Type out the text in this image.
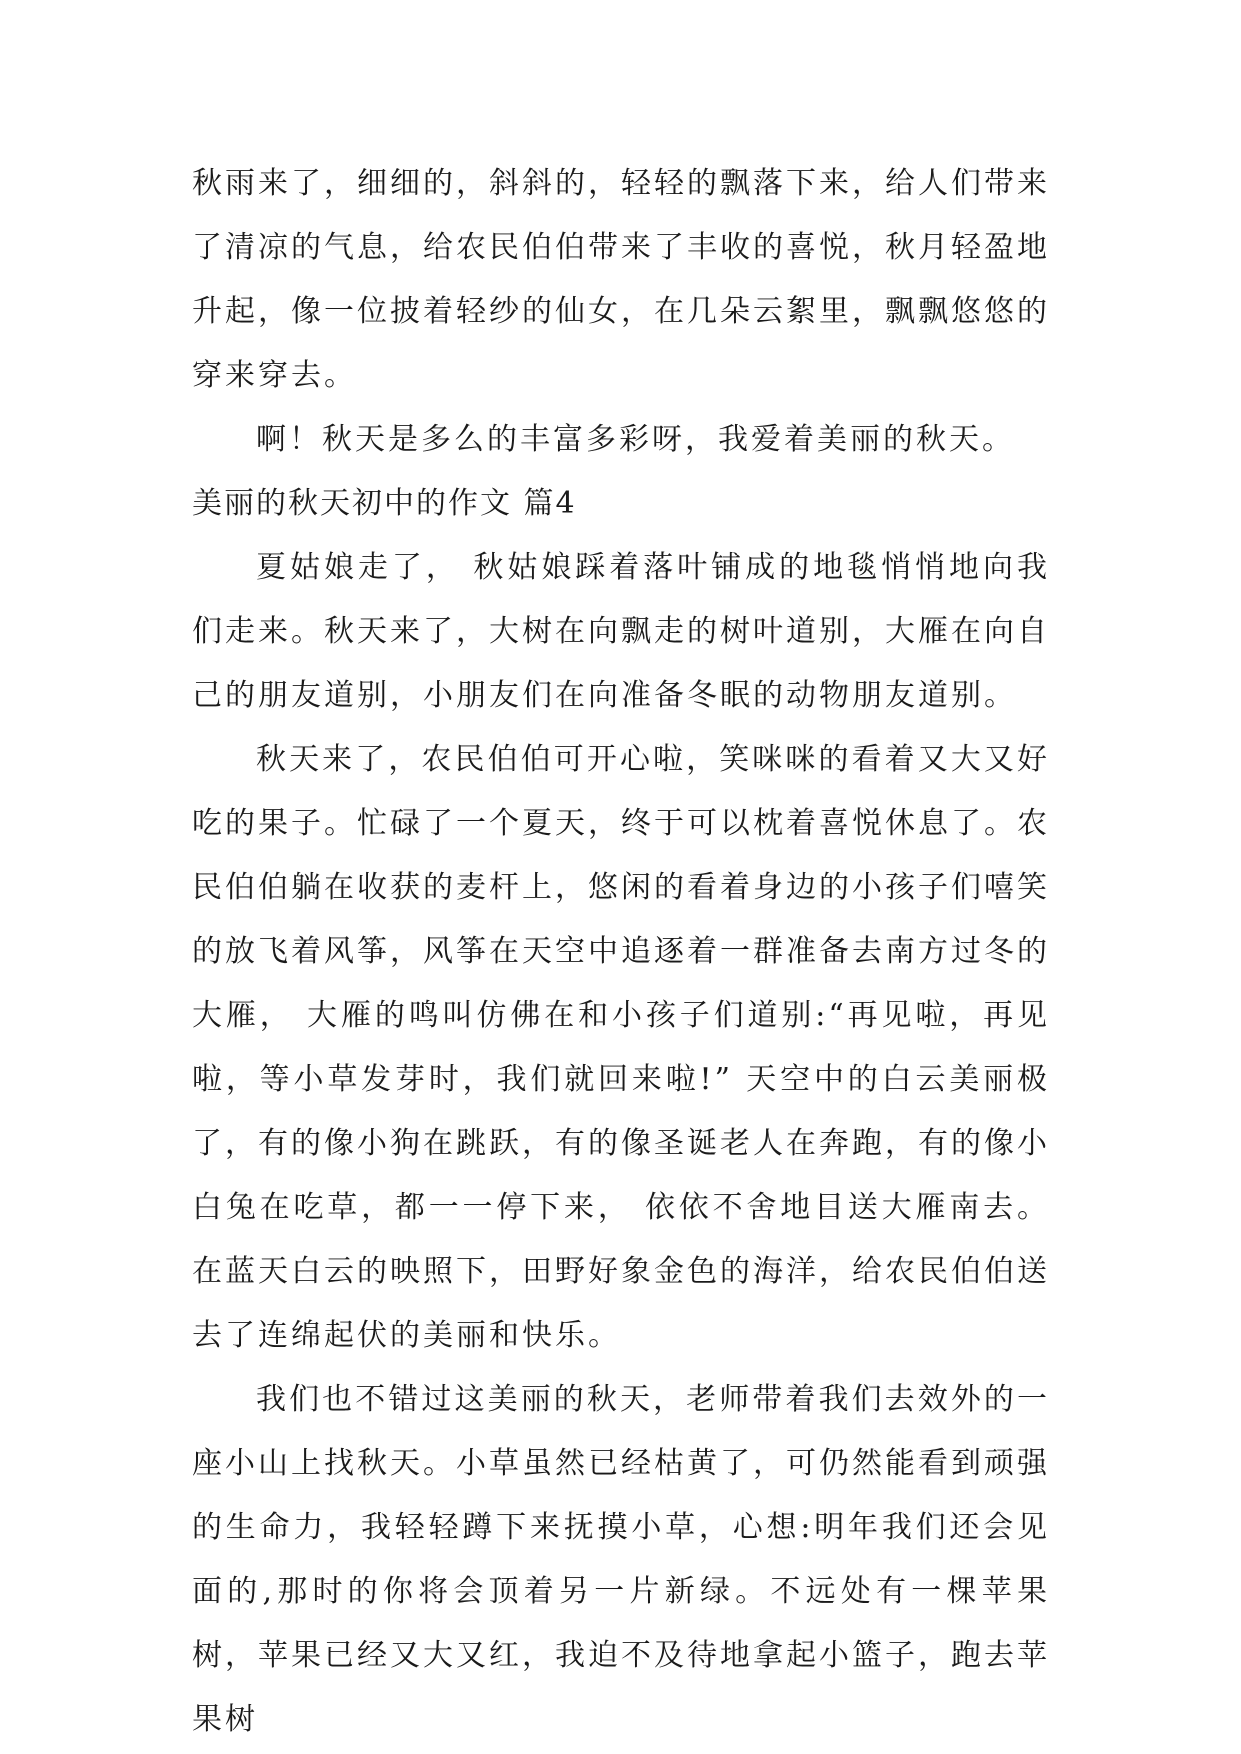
秋雨来了，细细的，斜斜的，轻轻的飘落下来，给人们带来了清凉的气息，给农民伯伯带来了丰收的喜悦，秋月轻盈地升起，像一位披着轻纱的仙女，在几朵云絮里，飘飘悠悠的穿来穿去。

啊！秋天是多么的丰富多彩呀，我爱着美丽的秋天。

美丽的秋天初中的作文 篇4

夏姑娘走了， 秋姑娘踩着落叶铺成的地毯悄悄地向我们走来。秋天来了，大树在向飘走的树叶道别，大雁在向自己的朋友道别，小朋友们在向准备冬眠的动物朋友道别。

秋天来了，农民伯伯可开心啦，笑咪咪的看着又大又好吃的果子。忙碌了一个夏天，终于可以枕着喜悦休息了。农民伯伯躺在收获的麦杆上，悠闲的看着身边的小孩子们嘻笑的放飞着风筝，风筝在天空中追逐着一群准备去南方过冬的大雁， 大雁的鸣叫仿佛在和小孩子们道别:“再见啦，再见啦，等小草发芽时，我们就回来啦!” 天空中的白云美丽极了，有的像小狗在跳跃，有的像圣诞老人在奔跑，有的像小白兔在吃草，都一一停下来， 依依不舍地目送大雁南去。在蓝天白云的映照下，田野好象金色的海洋，给农民伯伯送去了连绵起伏的美丽和快乐。

我们也不错过这美丽的秋天，老师带着我们去效外的一座小山上找秋天。小草虽然已经枯黄了，可仍然能看到顽强的生命力，我轻轻蹲下来抚摸小草，心想:明年我们还会见面的,那时的你将会顶着另一片新绿。不远处有一棵苹果树，苹果已经又大又红，我迫不及待地拿起小篮子，跑去苹果树
